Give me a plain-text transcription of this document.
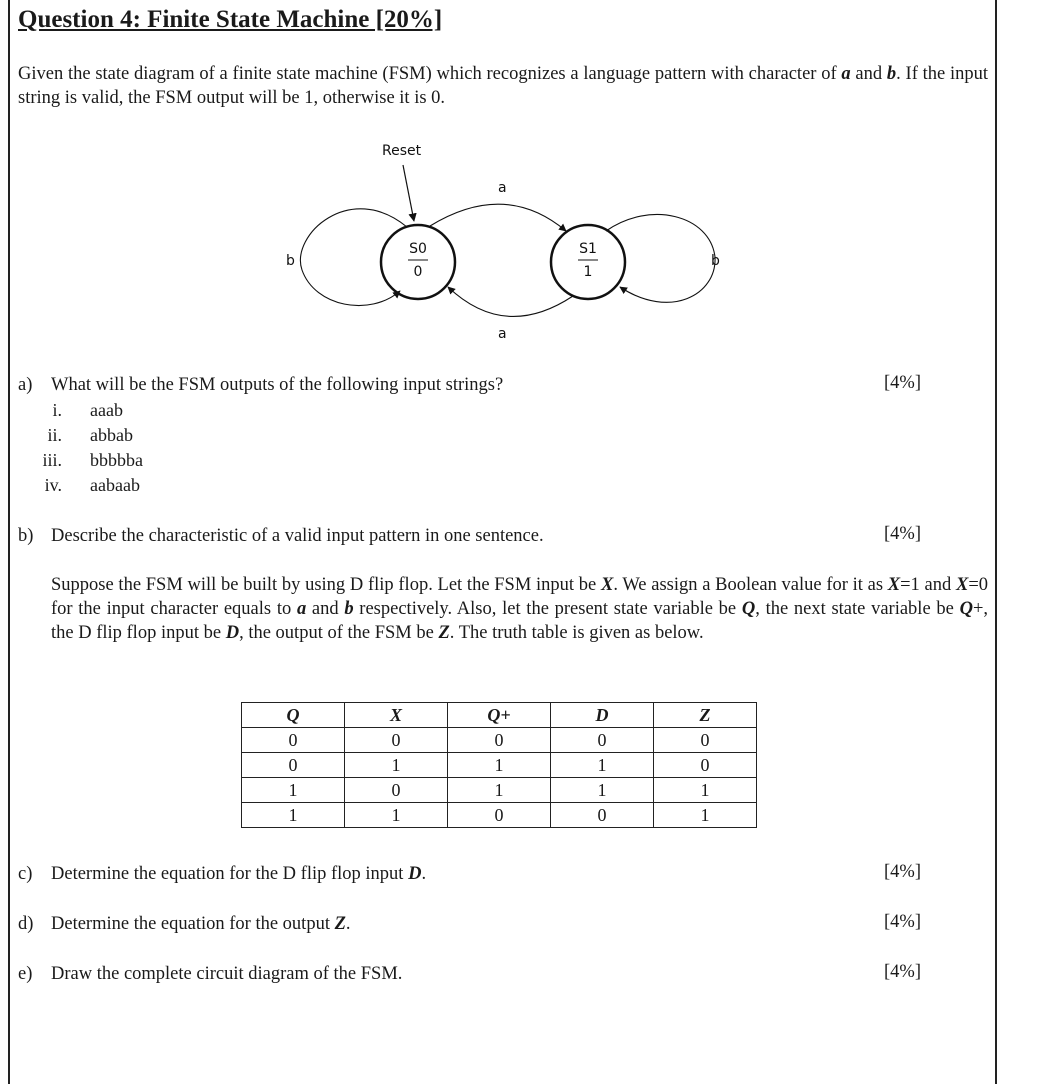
Question 4: Finite State Machine [20%]

Given the state diagram of a finite state machine (FSM) which recognizes a language pattern with character of a and b. If the input string is valid, the FSM output will be 1, otherwise it is 0.

Reset
S0
0
S1
1
a
a
b	b
a) What will be the FSM outputs of the following input strings?	[4%]
i. aaab
ii. abbab
iii. bbbbba
iv. aabaab
b) Describe the characteristic of a valid input pattern in one sentence.	[4%]

Suppose the FSM will be built by using D flip flop. Let the FSM input be X. We assign a Boolean value for it as X=1 and X=0 for the input character equals to a and b respectively. Also, let the present state variable be Q, the next state variable be Q+, the D flip flop input be D, the output of the FSM be Z. The truth table is given as below.

Q	X	Q+	D	Z
0	0	0	0	0
0	1	1	1	0
1	0	1	1	1
1	1	0	0	1
c) Determine the equation for the D flip flop input D.	[4%]
d) Determine the equation for the output Z.	[4%]
e) Draw the complete circuit diagram of the FSM.	[4%]
